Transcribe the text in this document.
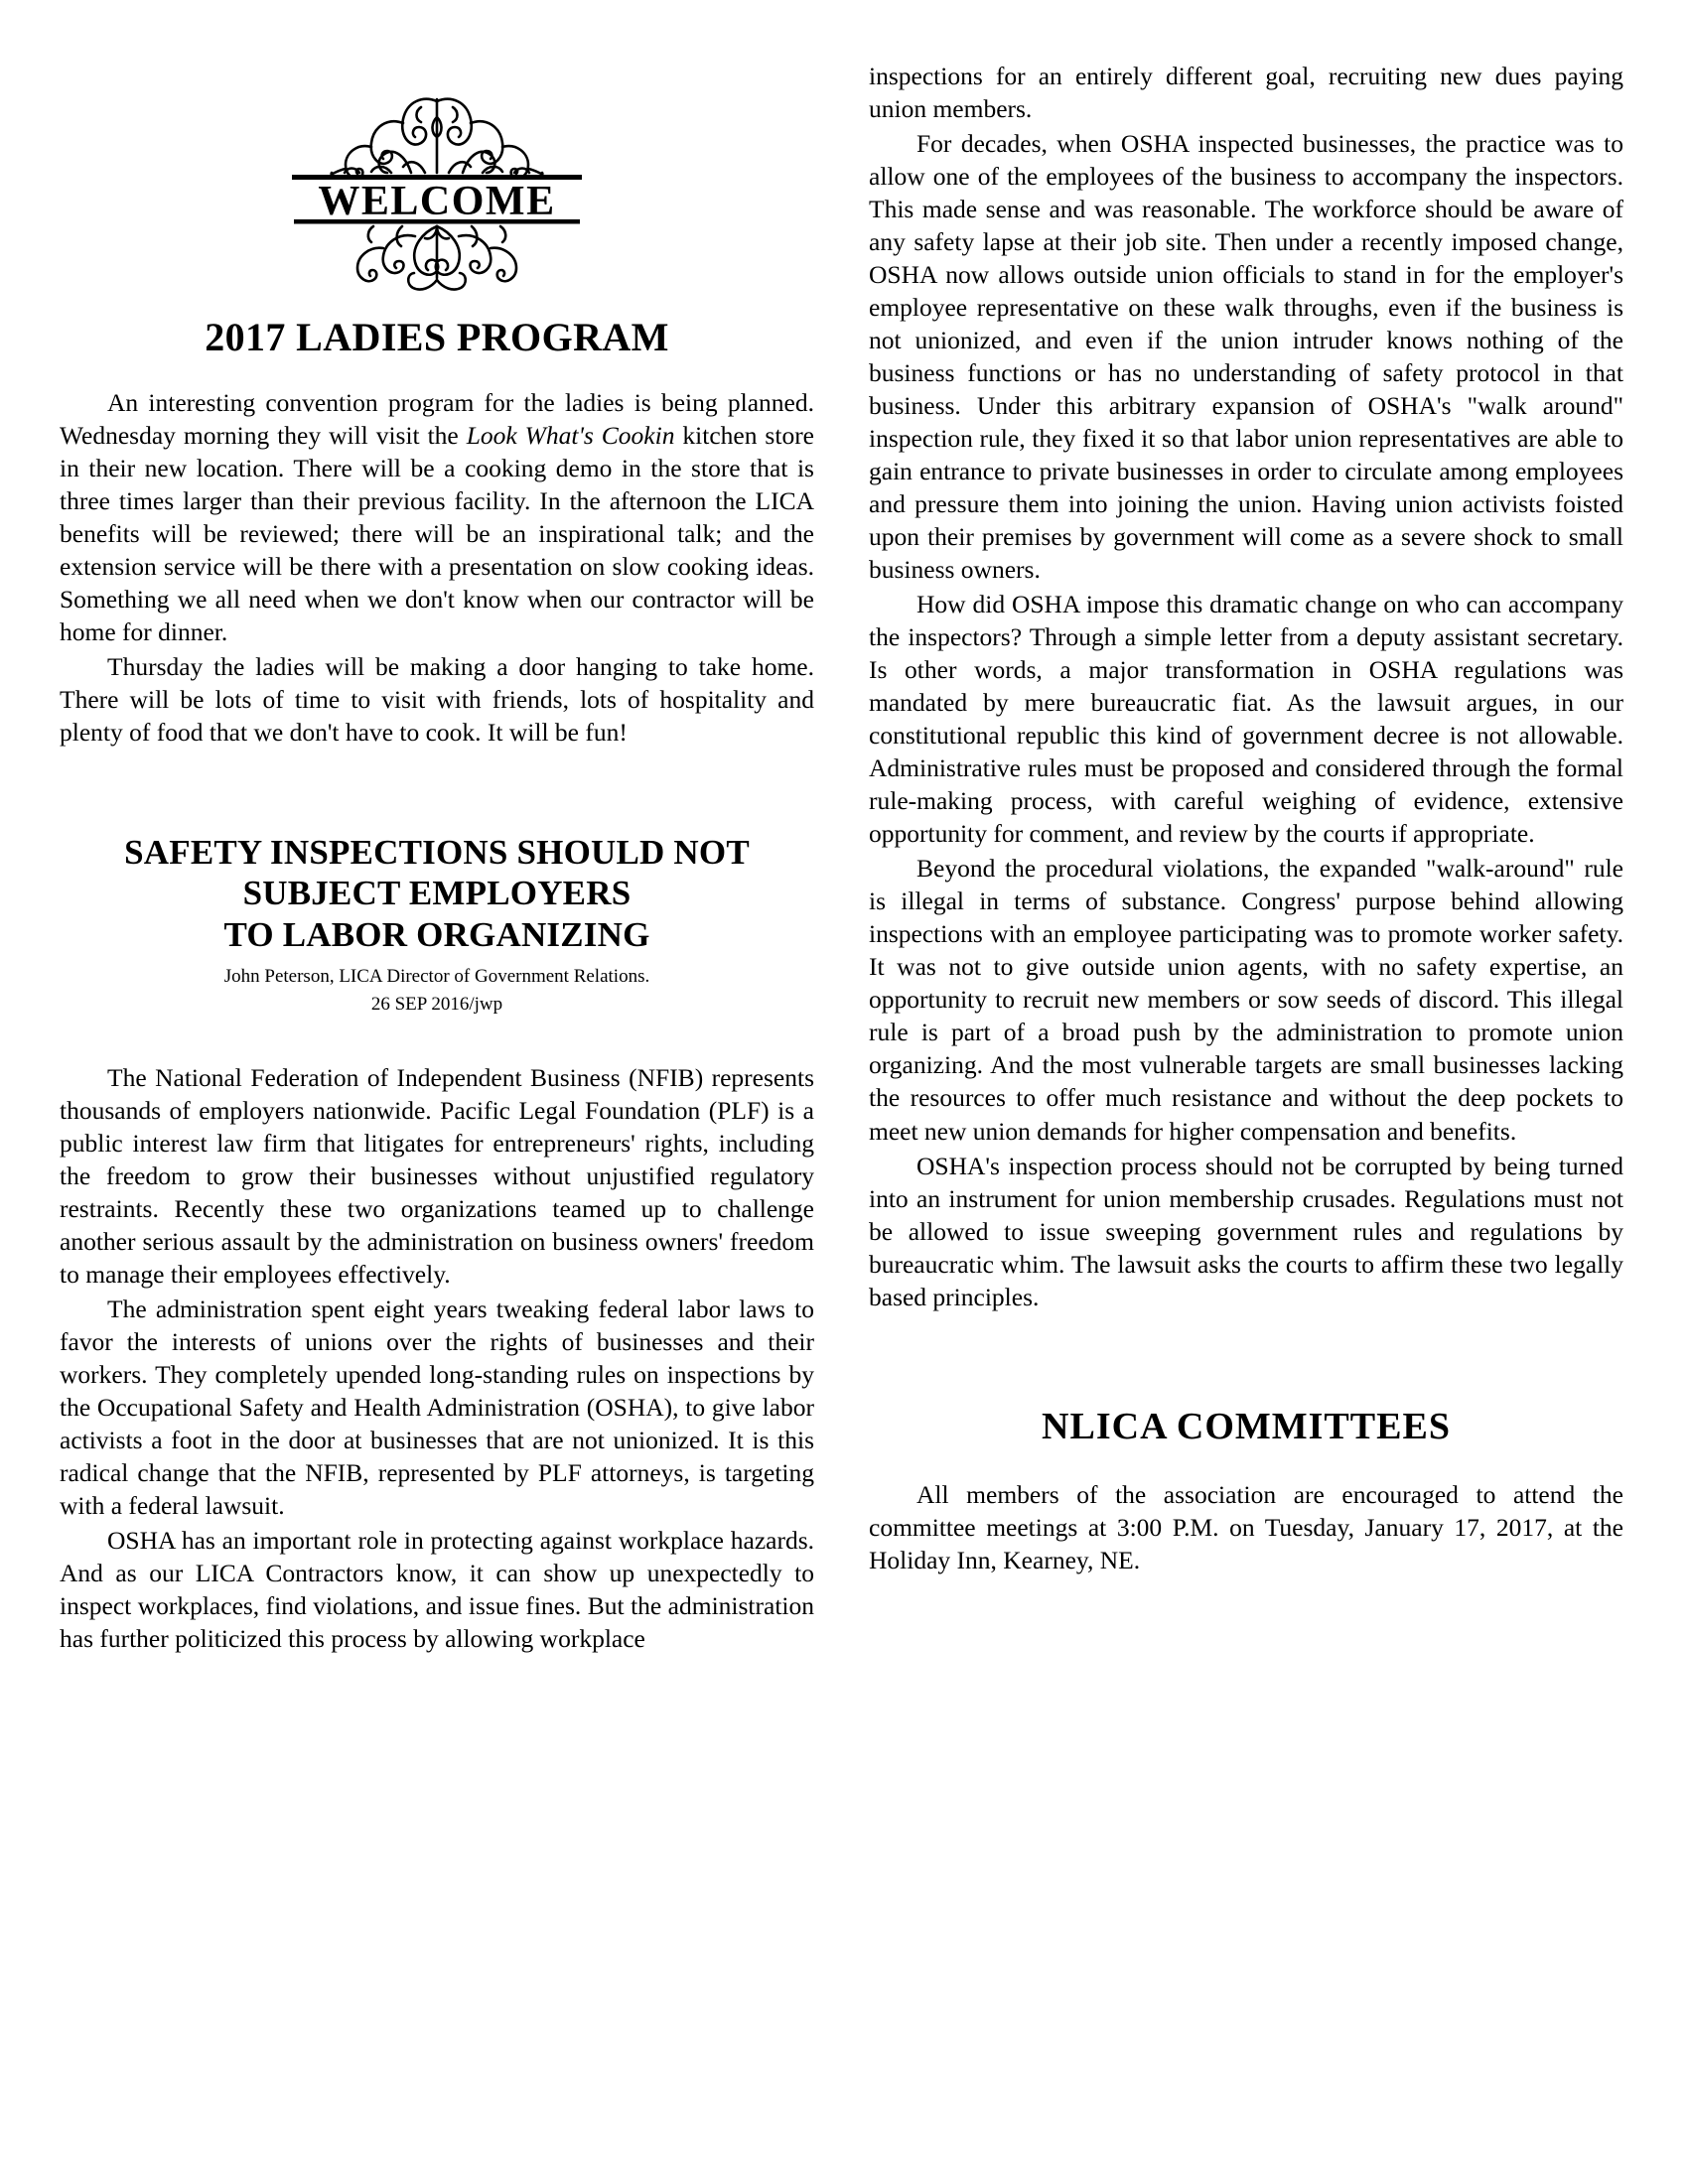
WELCOME
2017 LADIES PROGRAM

An interesting convention program for the ladies is being planned. Wednesday morning they will visit the Look What's Cookin kitchen store in their new location. There will be a cooking demo in the store that is three times larger than their previous facility. In the afternoon the LICA benefits will be reviewed; there will be an inspirational talk; and the extension service will be there with a presentation on slow cooking ideas. Something we all need when we don't know when our contractor will be home for dinner.

Thursday the ladies will be making a door hanging to take home. There will be lots of time to visit with friends, lots of hospitality and plenty of food that we don't have to cook. It will be fun!

SAFETY INSPECTIONS SHOULD NOT
SUBJECT EMPLOYERS
TO LABOR ORGANIZING
John Peterson, LICA Director of Government Relations.
26 SEP 2016/jwp

The National Federation of Independent Business (NFIB) represents thousands of employers nationwide. Pacific Legal Foundation (PLF) is a public interest law firm that litigates for entrepreneurs' rights, including the freedom to grow their businesses without unjustified regulatory restraints. Recently these two organizations teamed up to challenge another serious assault by the administration on business owners' freedom to manage their employees effectively.

The administration spent eight years tweaking federal labor laws to favor the interests of unions over the rights of businesses and their workers. They completely upended long-standing rules on inspections by the Occupational Safety and Health Administration (OSHA), to give labor activists a foot in the door at businesses that are not unionized. It is this radical change that the NFIB, represented by PLF attorneys, is targeting with a federal lawsuit.

OSHA has an important role in protecting against workplace hazards. And as our LICA Contractors know, it can show up unexpectedly to inspect workplaces, find violations, and issue fines. But the administration has further politicized this process by allowing workplace

inspections for an entirely different goal, recruiting new dues paying union members.

For decades, when OSHA inspected businesses, the practice was to allow one of the employees of the business to accompany the inspectors. This made sense and was reasonable. The workforce should be aware of any safety lapse at their job site. Then under a recently imposed change, OSHA now allows outside union officials to stand in for the employer's employee representative on these walk throughs, even if the business is not unionized, and even if the union intruder knows nothing of the business functions or has no understanding of safety protocol in that business. Under this arbitrary expansion of OSHA's "walk around" inspection rule, they fixed it so that labor union representatives are able to gain entrance to private businesses in order to circulate among employees and pressure them into joining the union. Having union activists foisted upon their premises by government will come as a severe shock to small business owners.

How did OSHA impose this dramatic change on who can accompany the inspectors? Through a simple letter from a deputy assistant secretary. Is other words, a major transformation in OSHA regulations was mandated by mere bureaucratic fiat. As the lawsuit argues, in our constitutional republic this kind of government decree is not allowable. Administrative rules must be proposed and considered through the formal rule-making process, with careful weighing of evidence, extensive opportunity for comment, and review by the courts if appropriate.

Beyond the procedural violations, the expanded "walk-around" rule is illegal in terms of substance. Congress' purpose behind allowing inspections with an employee participating was to promote worker safety. It was not to give outside union agents, with no safety expertise, an opportunity to recruit new members or sow seeds of discord. This illegal rule is part of a broad push by the administration to promote union organizing. And the most vulnerable targets are small businesses lacking the resources to offer much resistance and without the deep pockets to meet new union demands for higher compensation and benefits.

OSHA's inspection process should not be corrupted by being turned into an instrument for union membership crusades. Regulations must not be allowed to issue sweeping government rules and regulations by bureaucratic whim. The lawsuit asks the courts to affirm these two legally based principles.

NLICA COMMITTEES

All members of the association are encouraged to attend the committee meetings at 3:00 P.M. on Tuesday, January 17, 2017, at the Holiday Inn, Kearney, NE.
